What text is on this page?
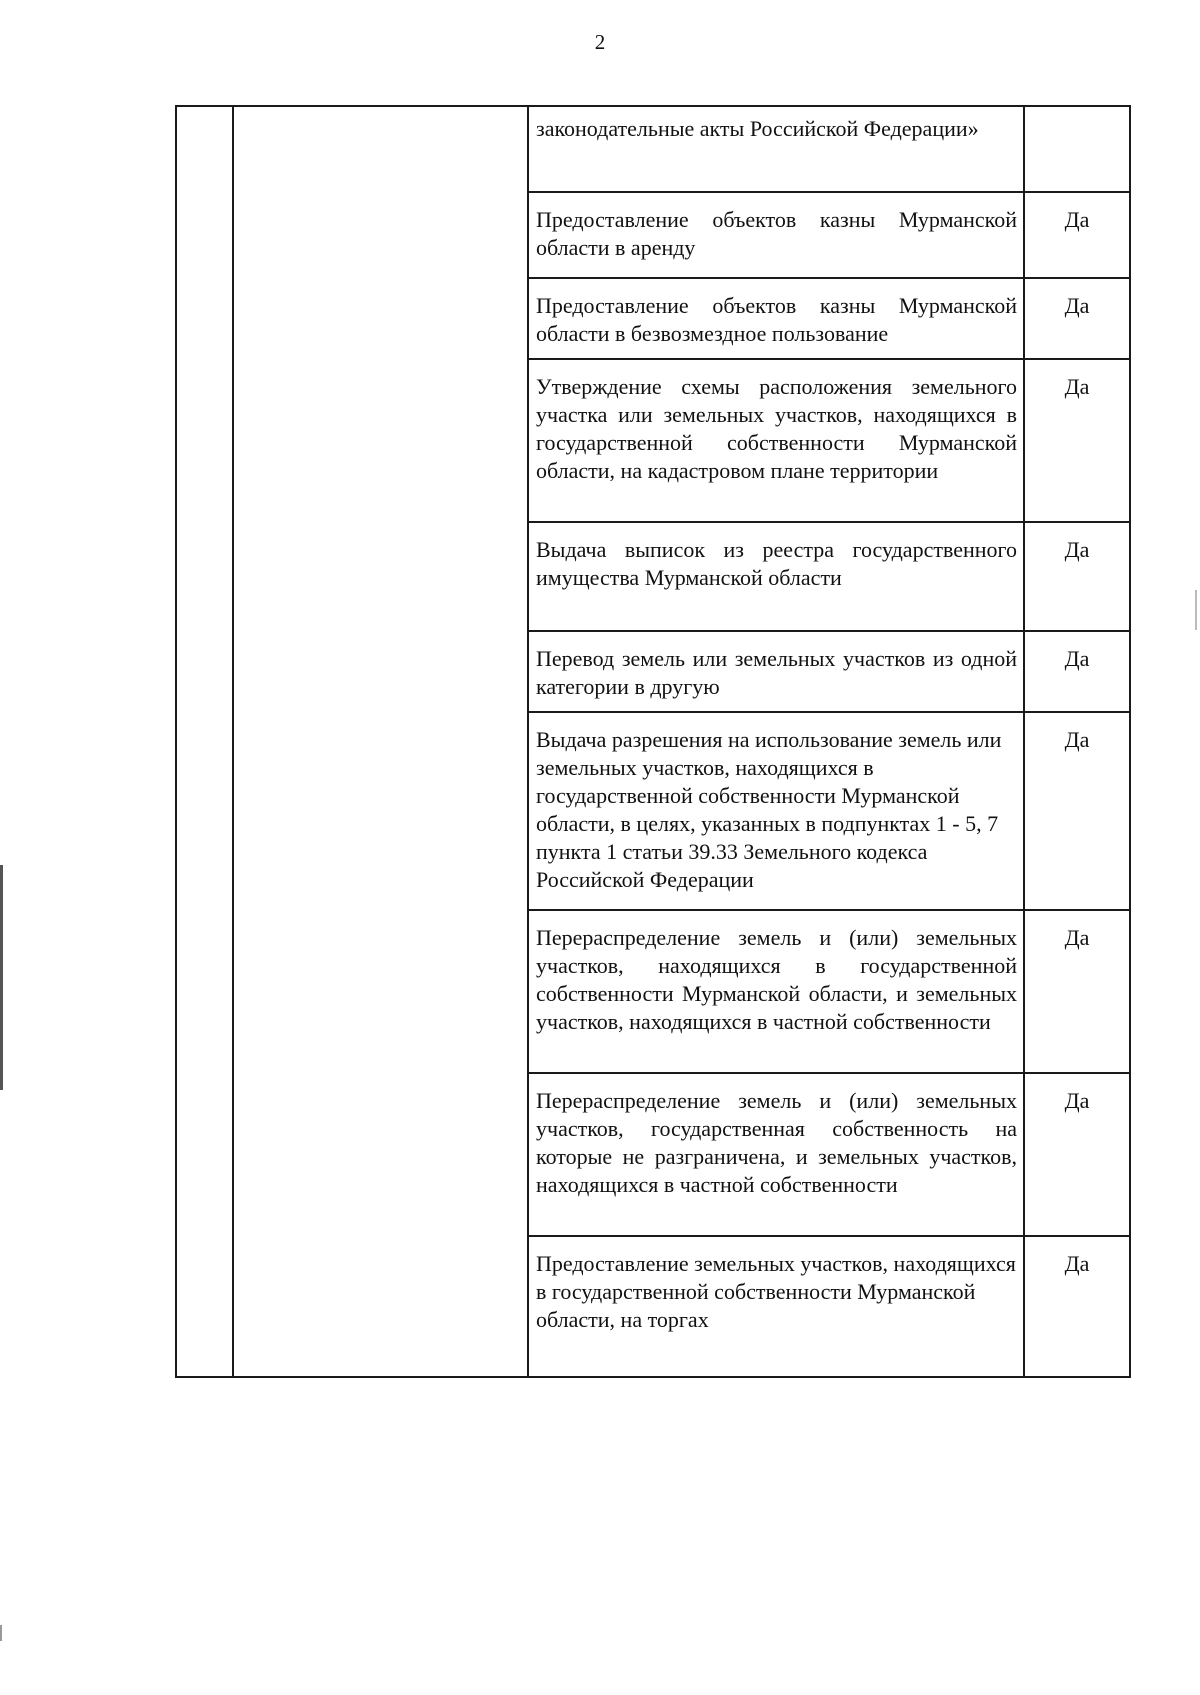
2
		законодательные акты Российской Федерации»	
		Предоставление объектов казны Мурманской области в аренду	Да
		Предоставление объектов казны Мурманской области в безвозмездное пользование	Да
		Утверждение схемы расположения земельного участка или земельных участков, находящихся в государственной собственности Мурманской области, на кадастровом плане территории	Да
		Выдача выписок из реестра государственного имущества Мурманской области	Да
		Перевод земель или земельных участков из одной категории в другую	Да
		Выдача разрешения на использование земель или земельных участков, находящихся в государственной собственности Мурманской области, в целях, указанных в подпунктах 1 - 5, 7 пункта 1 статьи 39.33 Земельного кодекса Российской Федерации	Да
		Перераспределение земель и (или) земельных участков, находящихся в государственной собственности Мурманской области, и земельных участков, находящихся в частной собственности	Да
		Перераспределение земель и (или) земельных участков, государственная собственность на которые не разграничена, и земельных участков, находящихся в частной собственности	Да
		Предоставление земельных участков, находящихся в государственной собственности Мурманской области, на торгах	Да
